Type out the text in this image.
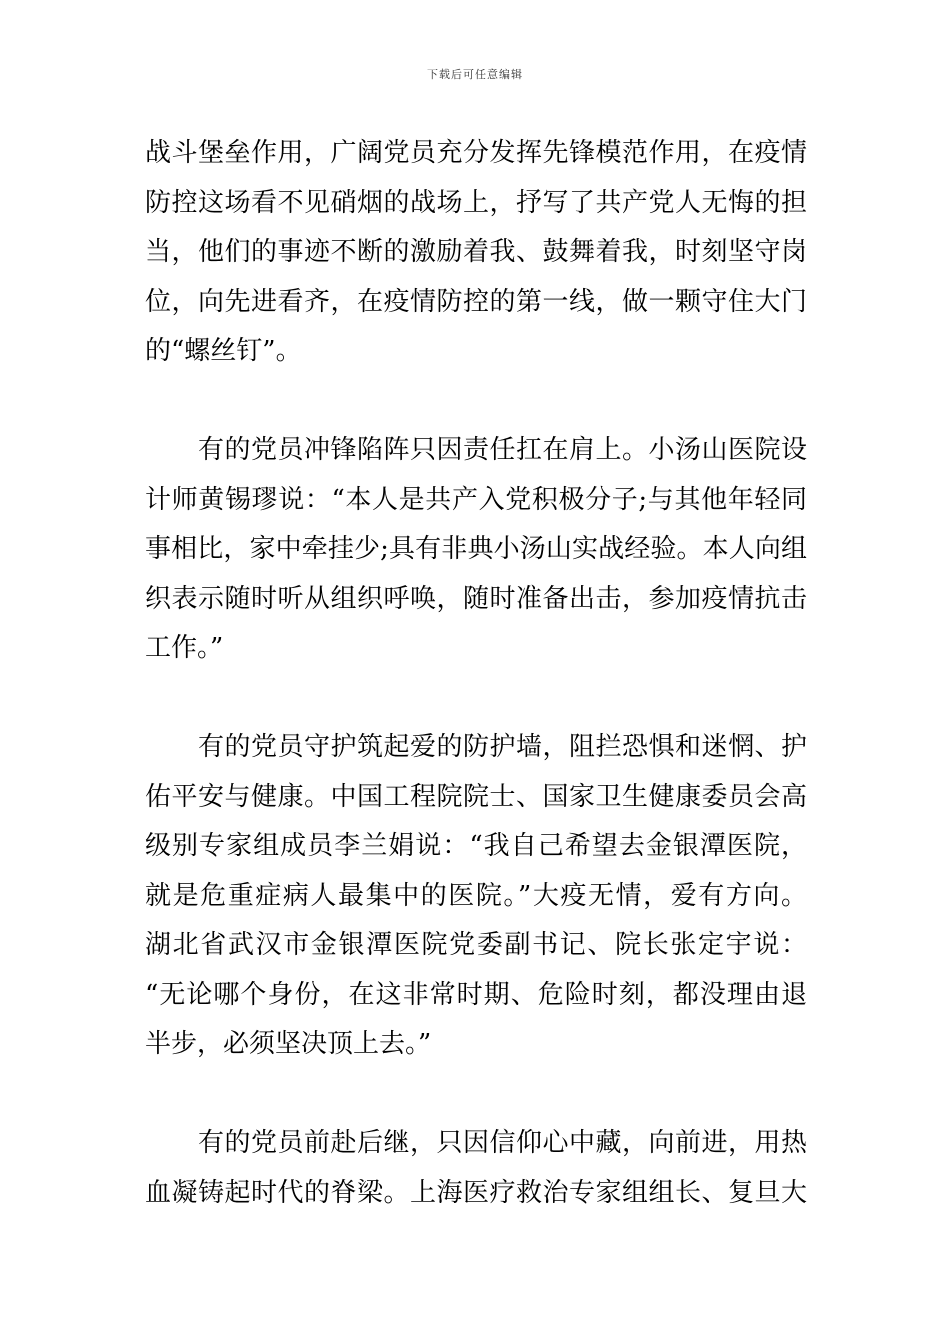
下载后可任意编辑
战斗堡垒作用，广阔党员充分发挥先锋模范作用，在疫情
防控这场看不见硝烟的战场上，抒写了共产党人无悔的担
当，他们的事迹不断的激励着我、鼓舞着我，时刻坚守岗
位，向先进看齐，在疫情防控的第一线，做一颗守住大门
的“螺丝钉”。
有的党员冲锋陷阵只因责任扛在肩上。小汤山医院设
计师黄锡璆说：“本人是共产入党积极分子;与其他年轻同
事相比，家中牵挂少;具有非典小汤山实战经验。本人向组
织表示随时听从组织呼唤，随时准备出击，参加疫情抗击
工作。”
有的党员守护筑起爱的防护墙，阻拦恐惧和迷惘、护
佑平安与健康。中国工程院院士、国家卫生健康委员会高
级别专家组成员李兰娟说：“我自己希望去金银潭医院，
就是危重症病人最集中的医院。”大疫无情，爱有方向。
湖北省武汉市金银潭医院党委副书记、院长张定宇说：
“无论哪个身份，在这非常时期、危险时刻，都没理由退
半步，必须坚决顶上去。”
有的党员前赴后继，只因信仰心中藏，向前进，用热
血凝铸起时代的脊梁。上海医疗救治专家组组长、复旦大
